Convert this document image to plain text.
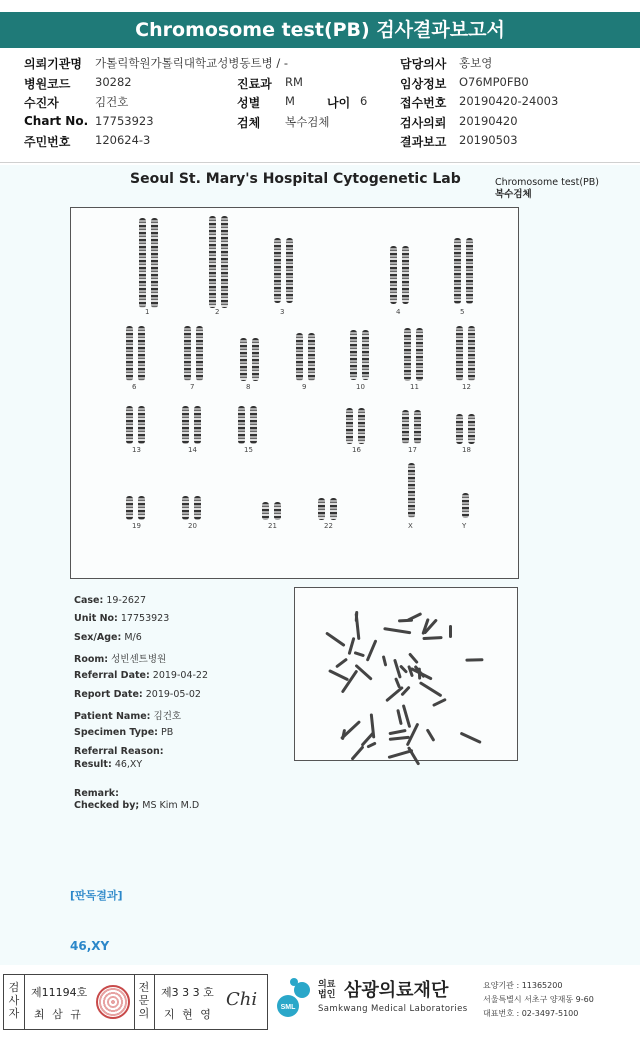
Chromosome test(PB) 검사결과보고서
의뢰기관명 가톨릭학원가톨릭대학교성병동트병 / -	담당의사 홍보영
병원코드 30282	진료과 RM	임상정보 O76MP0FB0
수진자	김건호	성별 M	나이 6	접수번호 20190420-24003
Chart No. 17753923	검체 복수검체	검사의뢰 20190420
주민번호 120624-3	결과보고 20190503
Seoul St. Mary's Hospital Cytogenetic Lab	Chromosome test(PB)
복수검체
1	2	3	4	5
6	7	8	9	10	11	12
13	14	15	16	17	18
19	20	21	22	X	Y
Case: 19-2627
Unit No: 17753923
Sex/Age: M/6
Room: 성빈센트병원
Referral Date: 2019-04-22
Report Date: 2019-05-02
Patient Name: 김건호
Specimen Type: PB
Referral Reason:
Result: 46,XY
Remark:
Checked by; MS Kim M.D
[판독결과]
46,XY
검
사
자
제11194호
최 삼 규
전
문
의
제3 3 3 호
지 현 영
Chi	SML
의료
법인 삼광의료재단
Samkwang Medical Laboratories
요양기관 : 11365200
서울특별시 서초구 양재동 9-60
대표번호 : 02-3497-5100
